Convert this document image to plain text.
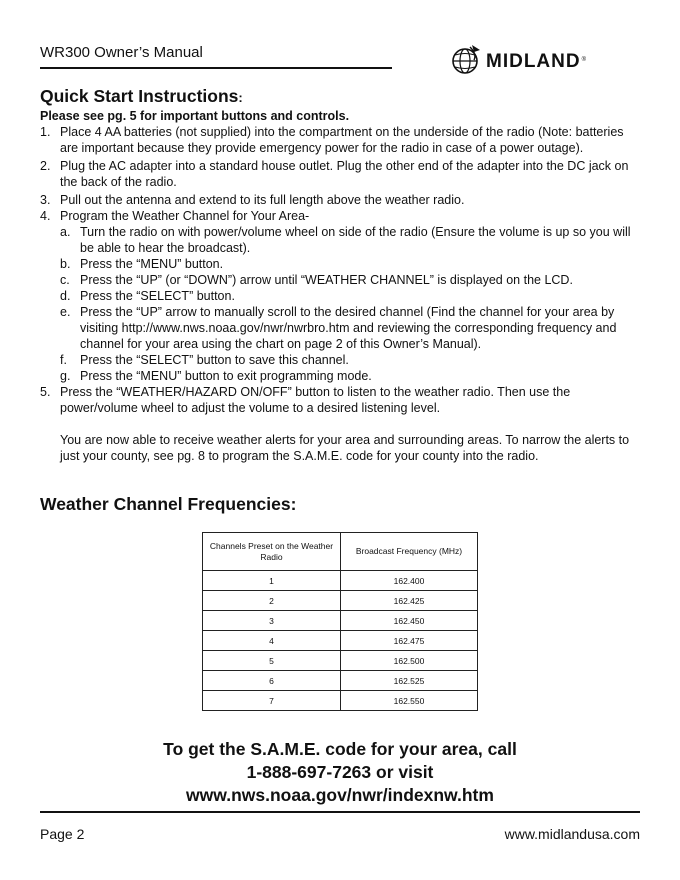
WR300 Owner’s Manual	MIDLAND ®
Quick Start Instructions:
Please see pg. 5 for important buttons and controls.
1. Place 4 AA batteries (not supplied) into the compartment on the underside of the radio (Note: batteries are important because they provide emergency power for the radio in case of a power outage).
2. Plug the AC adapter into a standard house outlet. Plug the other end of the adapter into the DC jack on the back of the radio.
3. Pull out the antenna and extend to its full length above the weather radio.
4. Program the Weather Channel for Your Area-
a. Turn the radio on with power/volume wheel on side of the radio (Ensure the volume is up so you will be able to hear the broadcast).
b. Press the “MENU” button.
c. Press the “UP” (or “DOWN”) arrow until “WEATHER CHANNEL” is displayed on the LCD.
d. Press the “SELECT” button.
e. Press the “UP” arrow to manually scroll to the desired channel (Find the channel for your area by visiting http://www.nws.noaa.gov/nwr/nwrbro.htm and reviewing the corresponding frequency and channel for your area using the chart on page 2 of this Owner’s Manual).
f. Press the “SELECT” button to save this channel.
g. Press the “MENU” button to exit programming mode.
5. Press the “WEATHER/HAZARD ON/OFF” button to listen to the weather radio. Then use the power/volume wheel to adjust the volume to a desired listening level.
You are now able to receive weather alerts for your area and surrounding areas. To narrow the alerts to just your county, see pg. 8 to program the S.A.M.E. code for your county into the radio.
Weather Channel Frequencies:
Channels Preset on the Weather Radio	Broadcast Frequency (MHz)
1	162.400
2	162.425
3	162.450
4	162.475
5	162.500
6	162.525
7	162.550
To get the S.A.M.E. code for your area, call
1-888-697-7263 or visit
www.nws.noaa.gov/nwr/indexnw.htm
Page 2	www.midlandusa.com
